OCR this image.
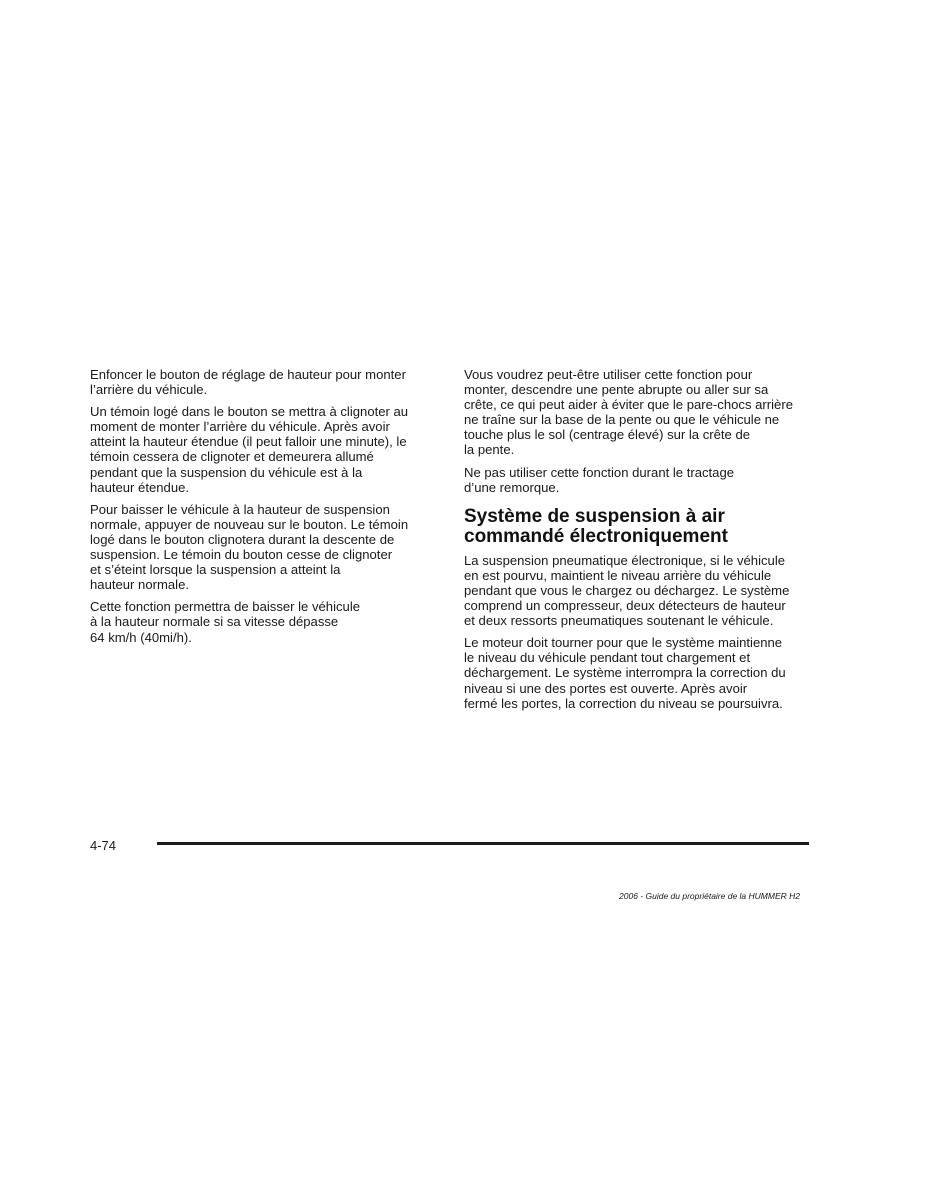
Enfoncer le bouton de réglage de hauteur pour monter
l’arrière du véhicule.

Un témoin logé dans le bouton se mettra à clignoter au
moment de monter l’arrière du véhicule. Après avoir
atteint la hauteur étendue (il peut falloir une minute), le
témoin cessera de clignoter et demeurera allumé
pendant que la suspension du véhicule est à la
hauteur étendue.

Pour baisser le véhicule à la hauteur de suspension
normale, appuyer de nouveau sur le bouton. Le témoin
logé dans le bouton clignotera durant la descente de
suspension. Le témoin du bouton cesse de clignoter
et s’éteint lorsque la suspension a atteint la
hauteur normale.

Cette fonction permettra de baisser le véhicule
à la hauteur normale si sa vitesse dépasse
64 km/h (40mi/h).

Vous voudrez peut-être utiliser cette fonction pour
monter, descendre une pente abrupte ou aller sur sa
crête, ce qui peut aider à éviter que le pare-chocs arrière
ne traîne sur la base de la pente ou que le véhicule ne
touche plus le sol (centrage élevé) sur la crête de
la pente.

Ne pas utiliser cette fonction durant le tractage
d’une remorque.

Système de suspension à air
commandé électroniquement

La suspension pneumatique électronique, si le véhicule
en est pourvu, maintient le niveau arrière du véhicule
pendant que vous le chargez ou déchargez. Le système
comprend un compresseur, deux détecteurs de hauteur
et deux ressorts pneumatiques soutenant le véhicule.

Le moteur doit tourner pour que le système maintienne
le niveau du véhicule pendant tout chargement et
déchargement. Le système interrompra la correction du
niveau si une des portes est ouverte. Après avoir
fermé les portes, la correction du niveau se poursuivra.

4-74
2006 - Guide du propriétaire de la HUMMER H2
